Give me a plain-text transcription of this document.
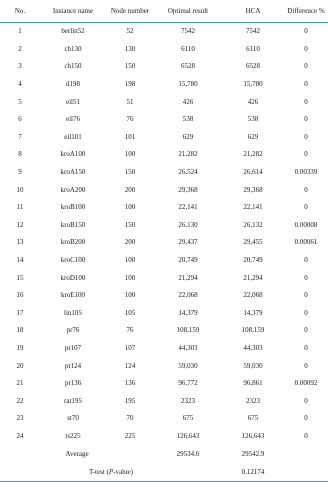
No.	Instance name	Node number	Optimal result	HCA	Difference %
1	berlin52	52	7542	7542	0
2	ch130	130	6110	6110	0
3	ch150	150	6528	6528	0
4	d198	198	15,780	15,780	0
5	eil51	51	426	426	0
6	eil76	76	538	538	0
7	eil101	101	629	629	0
8	kroA100	100	21,282	21,282	0
9	kroA150	150	26,524	26,614	0.00339
10	kroA200	200	29,368	29,368	0
11	kroB100	100	22,141	22,141	0
12	kroB150	150	26,130	26,132	0.00008
13	kroB200	200	29,437	29,455	0.00061
14	kroC100	100	20,749	20,749	0
15	kroD100	100	21,294	21,294	0
16	kroE100	100	22,068	22,068	0
17	lin105	105	14,379	14,379	0
18	pr76	76	108,159	108,159	0
19	pr107	107	44,303	44,303	0
20	pr124	124	59,030	59,030	0
21	pr136	136	96,772	96,861	0.00092
22	rat195	195	2323	2323	0
23	st70	70	675	675	0
24	ts225	225	126,643	126,643	0
Average			29534.6	29542.9	
T-test (P-value)				0.12174	
